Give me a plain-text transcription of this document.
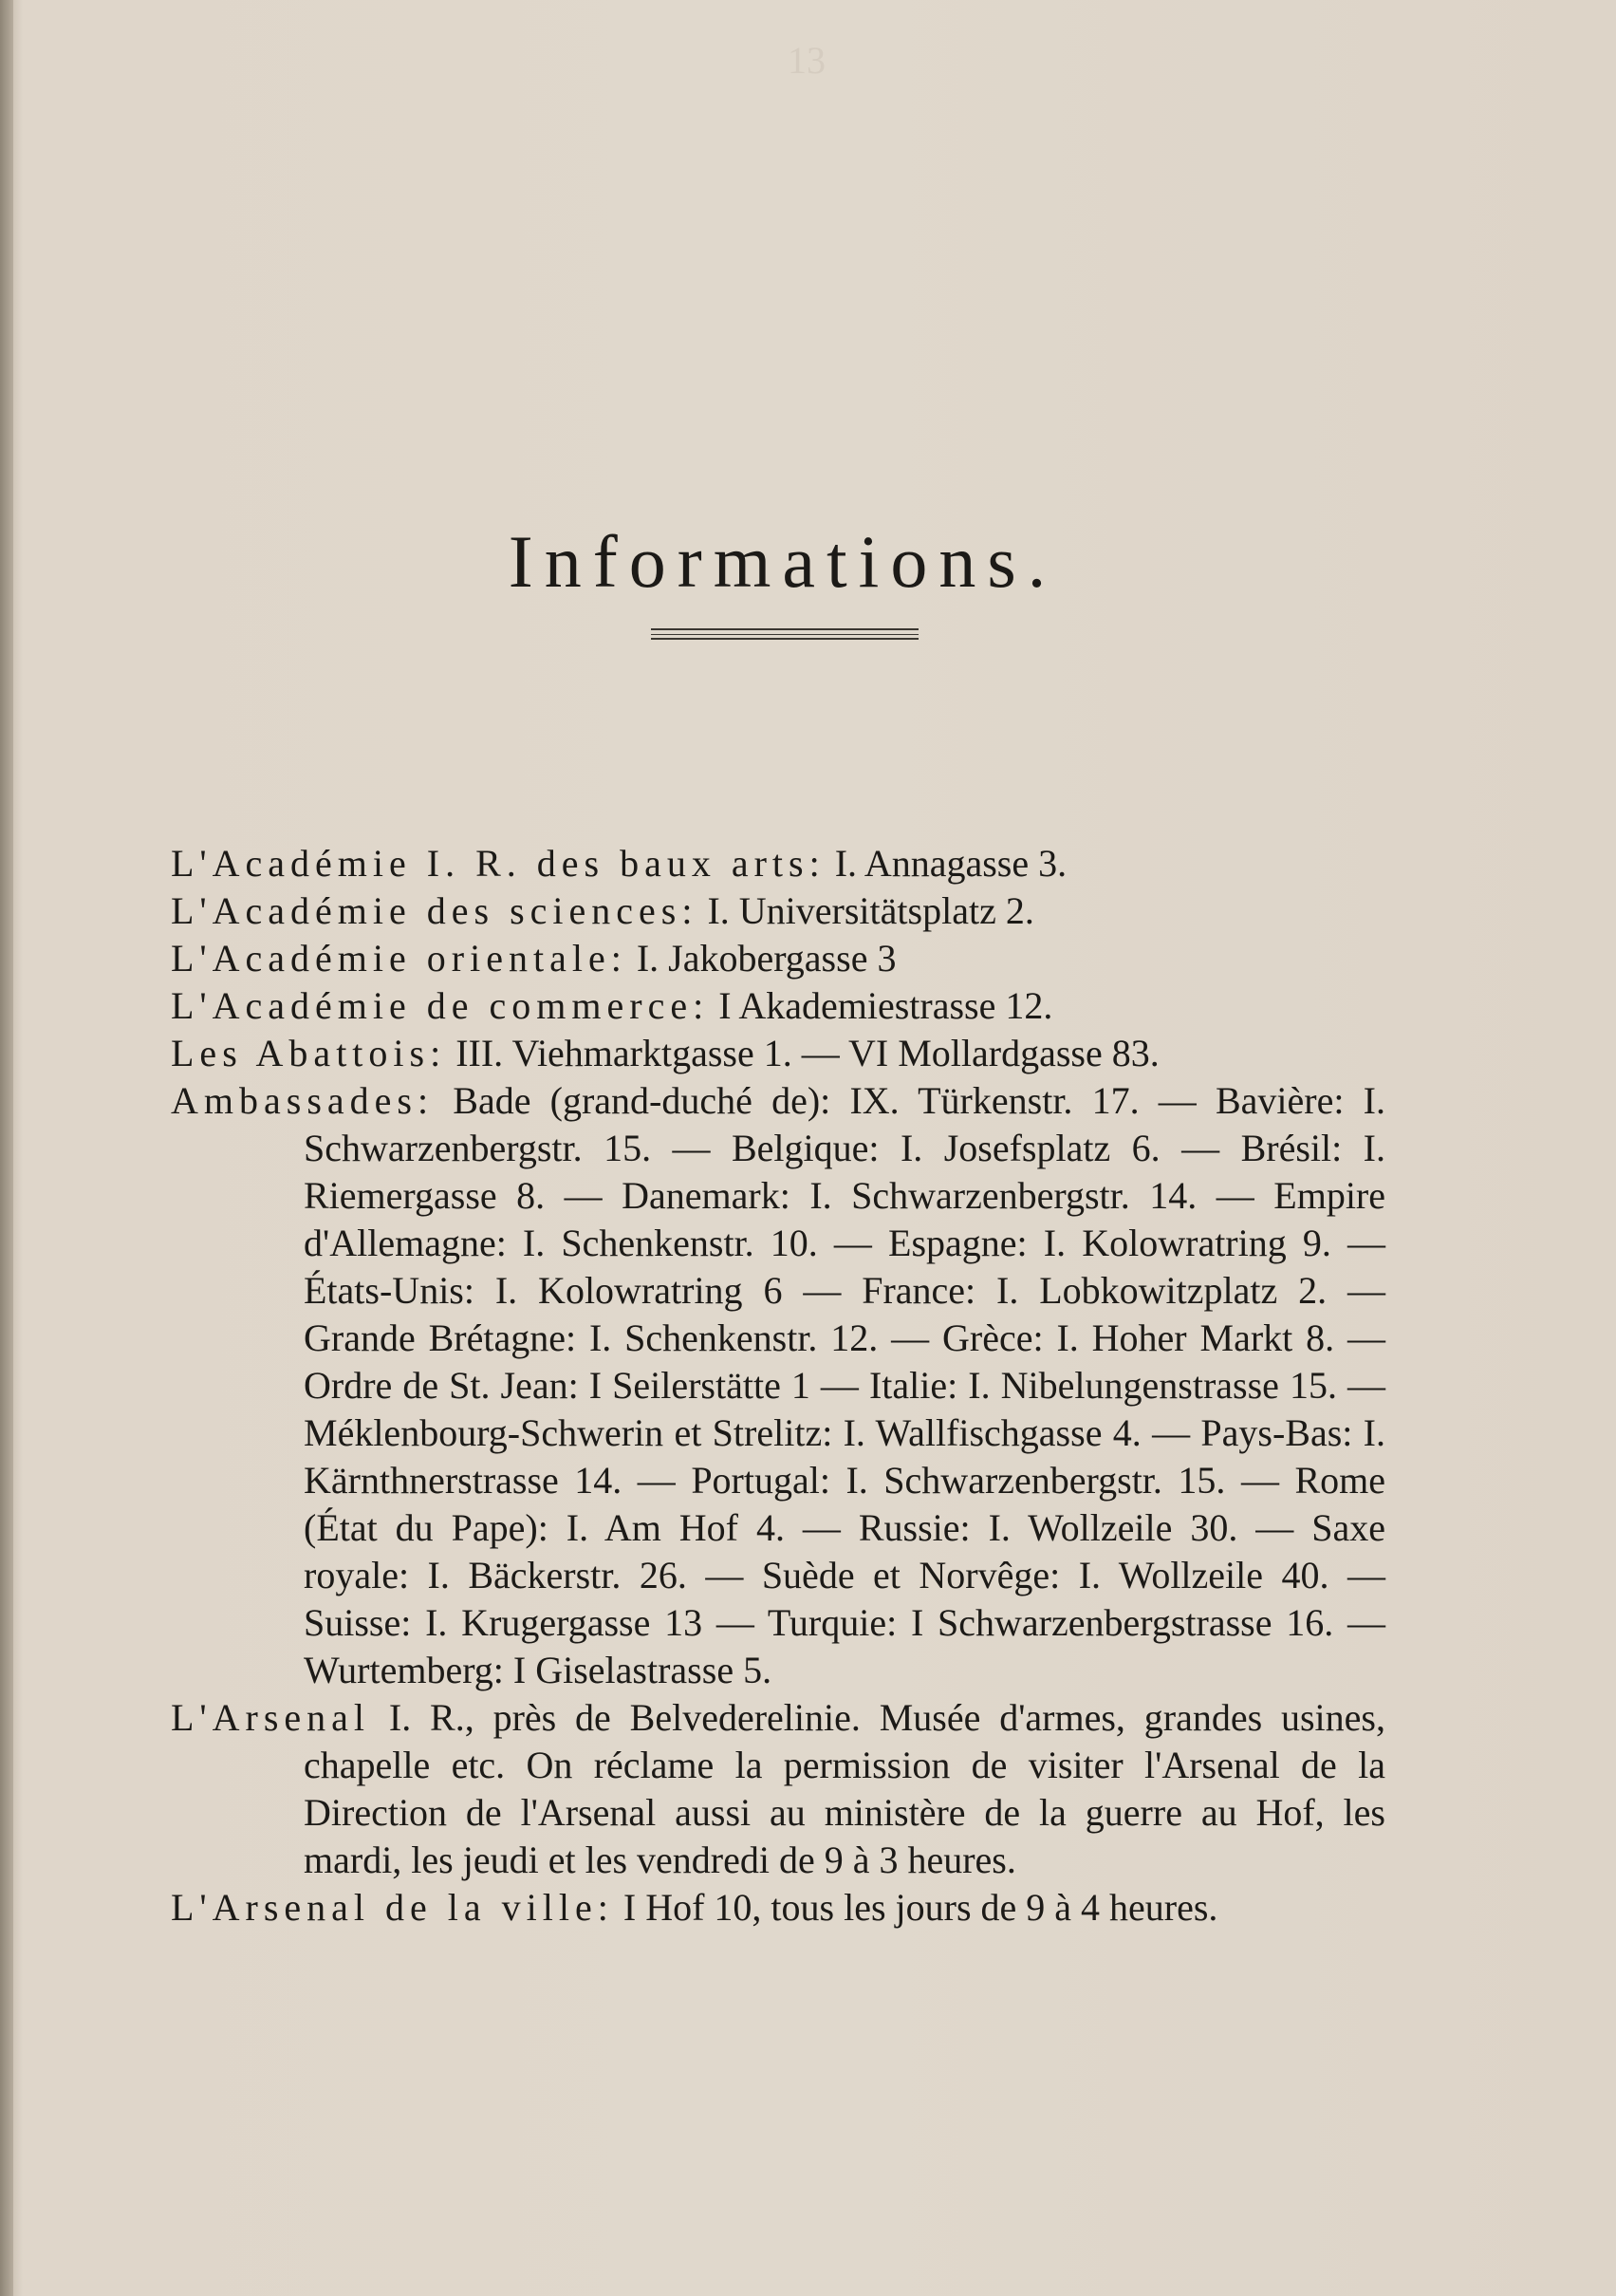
13
Informations.

L'Académie I. R. des baux arts: I. Annagasse 3.

L'Académie des sciences: I. Universitätsplatz 2.

L'Académie orientale: I. Jakobergasse 3

L'Académie de commerce: I Akademiestrasse 12.

Les Abattois: III. Viehmarktgasse 1. — VI Mollardgasse 83.

Ambassades: Bade (grand-duché de): IX. Türkenstr. 17. — Bavière: I. Schwarzenbergstr. 15. — Belgique: I. Josefsplatz 6. — Brésil: I. Riemergasse 8. — Danemark: I. Schwarzenbergstr. 14. — Empire d'Allemagne: I. Schenkenstr. 10. — Espagne: I. Kolowratring 9. — États-Unis: I. Kolowratring 6 — France: I. Lobkowitzplatz 2. — Grande Brétagne: I. Schenkenstr. 12. — Grèce: I. Hoher Markt 8. — Ordre de St. Jean: I Seilerstätte 1 — Italie: I. Nibelungenstrasse 15. — Méklenbourg-Schwerin et Strelitz: I. Wallfischgasse 4. — Pays-Bas: I. Kärnthnerstrasse 14. — Portugal: I. Schwarzenbergstr. 15. — Rome (État du Pape): I. Am Hof 4. — Russie: I. Wollzeile 30. — Saxe royale: I. Bäckerstr. 26. — Suède et Norvêge: I. Wollzeile 40. — Suisse: I. Krugergasse 13 — Turquie: I Schwarzenbergstrasse 16. — Wurtemberg: I Giselastrasse 5.

L'Arsenal I. R., près de Belvederelinie. Musée d'armes, grandes usines, chapelle etc. On réclame la permission de visiter l'Arsenal de la Direction de l'Arsenal aussi au ministère de la guerre au Hof, les mardi, les jeudi et les vendredi de 9 à 3 heures.

L'Arsenal de la ville: I Hof 10, tous les jours de 9 à 4 heures.
